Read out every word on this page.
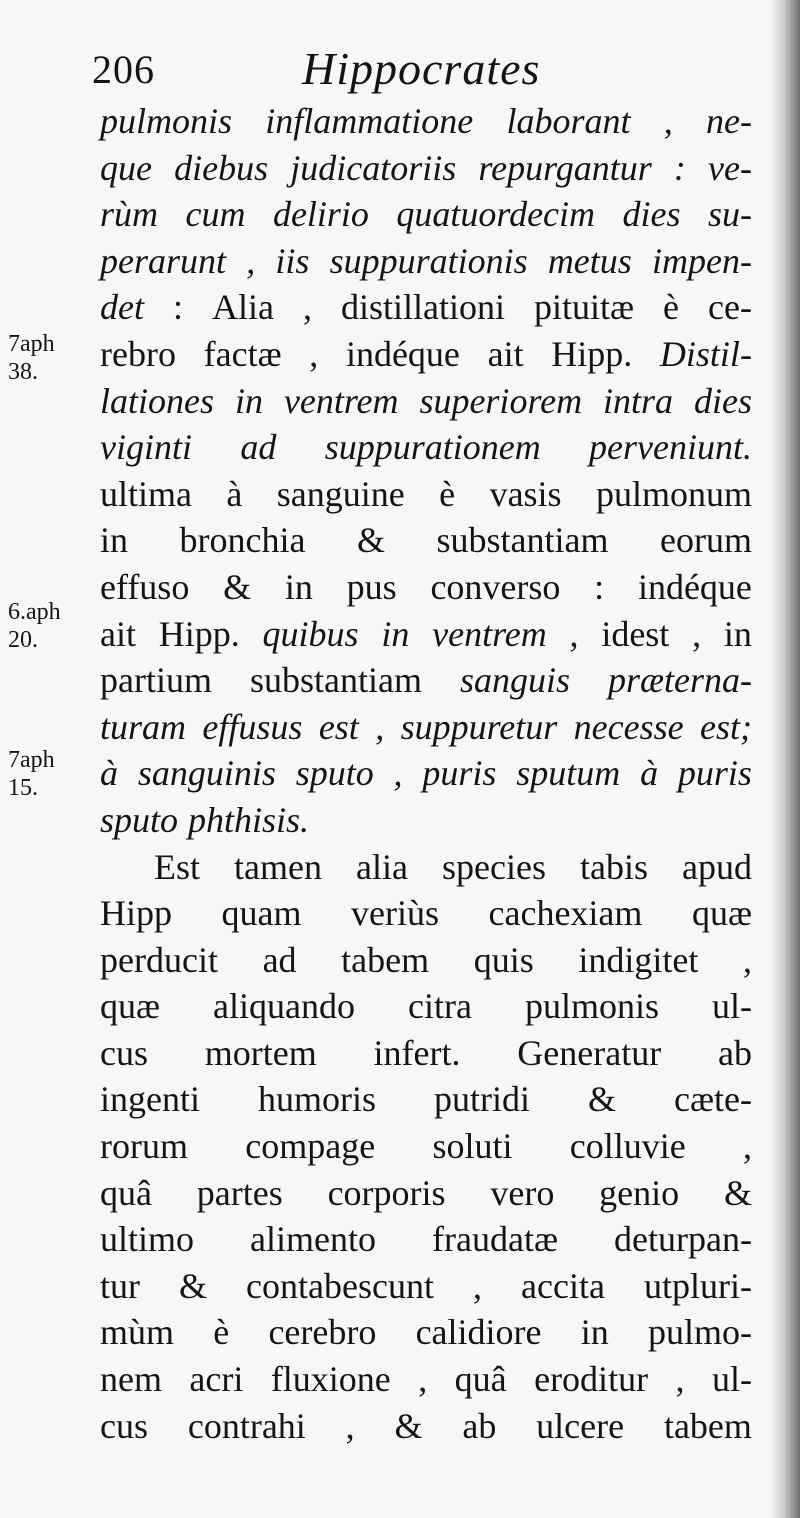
206	Hippocrates
7aph
38.
6.aph
20.
7aph
15.
pulmonis inflammatione laborant , ne-
que diebus judicatoriis repurgantur : ve-
rùm cum delirio quatuordecim dies su-
perarunt , iis suppurationis metus impen-
det : Alia , distillationi pituitæ è ce-
rebro factæ , indéque ait Hipp. Distil-
lationes in ventrem superiorem intra dies
viginti ad suppurationem perveniunt.
ultima à sanguine è vasis pulmonum
in bronchia & substantiam eorum
effuso & in pus converso : indéque
ait Hipp. quibus in ventrem , idest , in
partium substantiam sanguis præterna-
turam effusus est , suppuretur necesse est;
à sanguinis sputo , puris sputum à puris
sputo phthisis.
Est tamen alia species tabis apud
Hipp quam veriùs cachexiam quæ
perducit ad tabem quis indigitet ,
quæ aliquando citra pulmonis ul-
cus mortem infert. Generatur ab
ingenti humoris putridi & cæte-
rorum compage soluti colluvie ,
quâ partes corporis vero genio &
ultimo alimento fraudatæ deturpan-
tur & contabescunt , accita utpluri-
mùm è cerebro calidiore in pulmo-
nem acri fluxione , quâ eroditur , ul-
cus contrahi , & ab ulcere tabem
